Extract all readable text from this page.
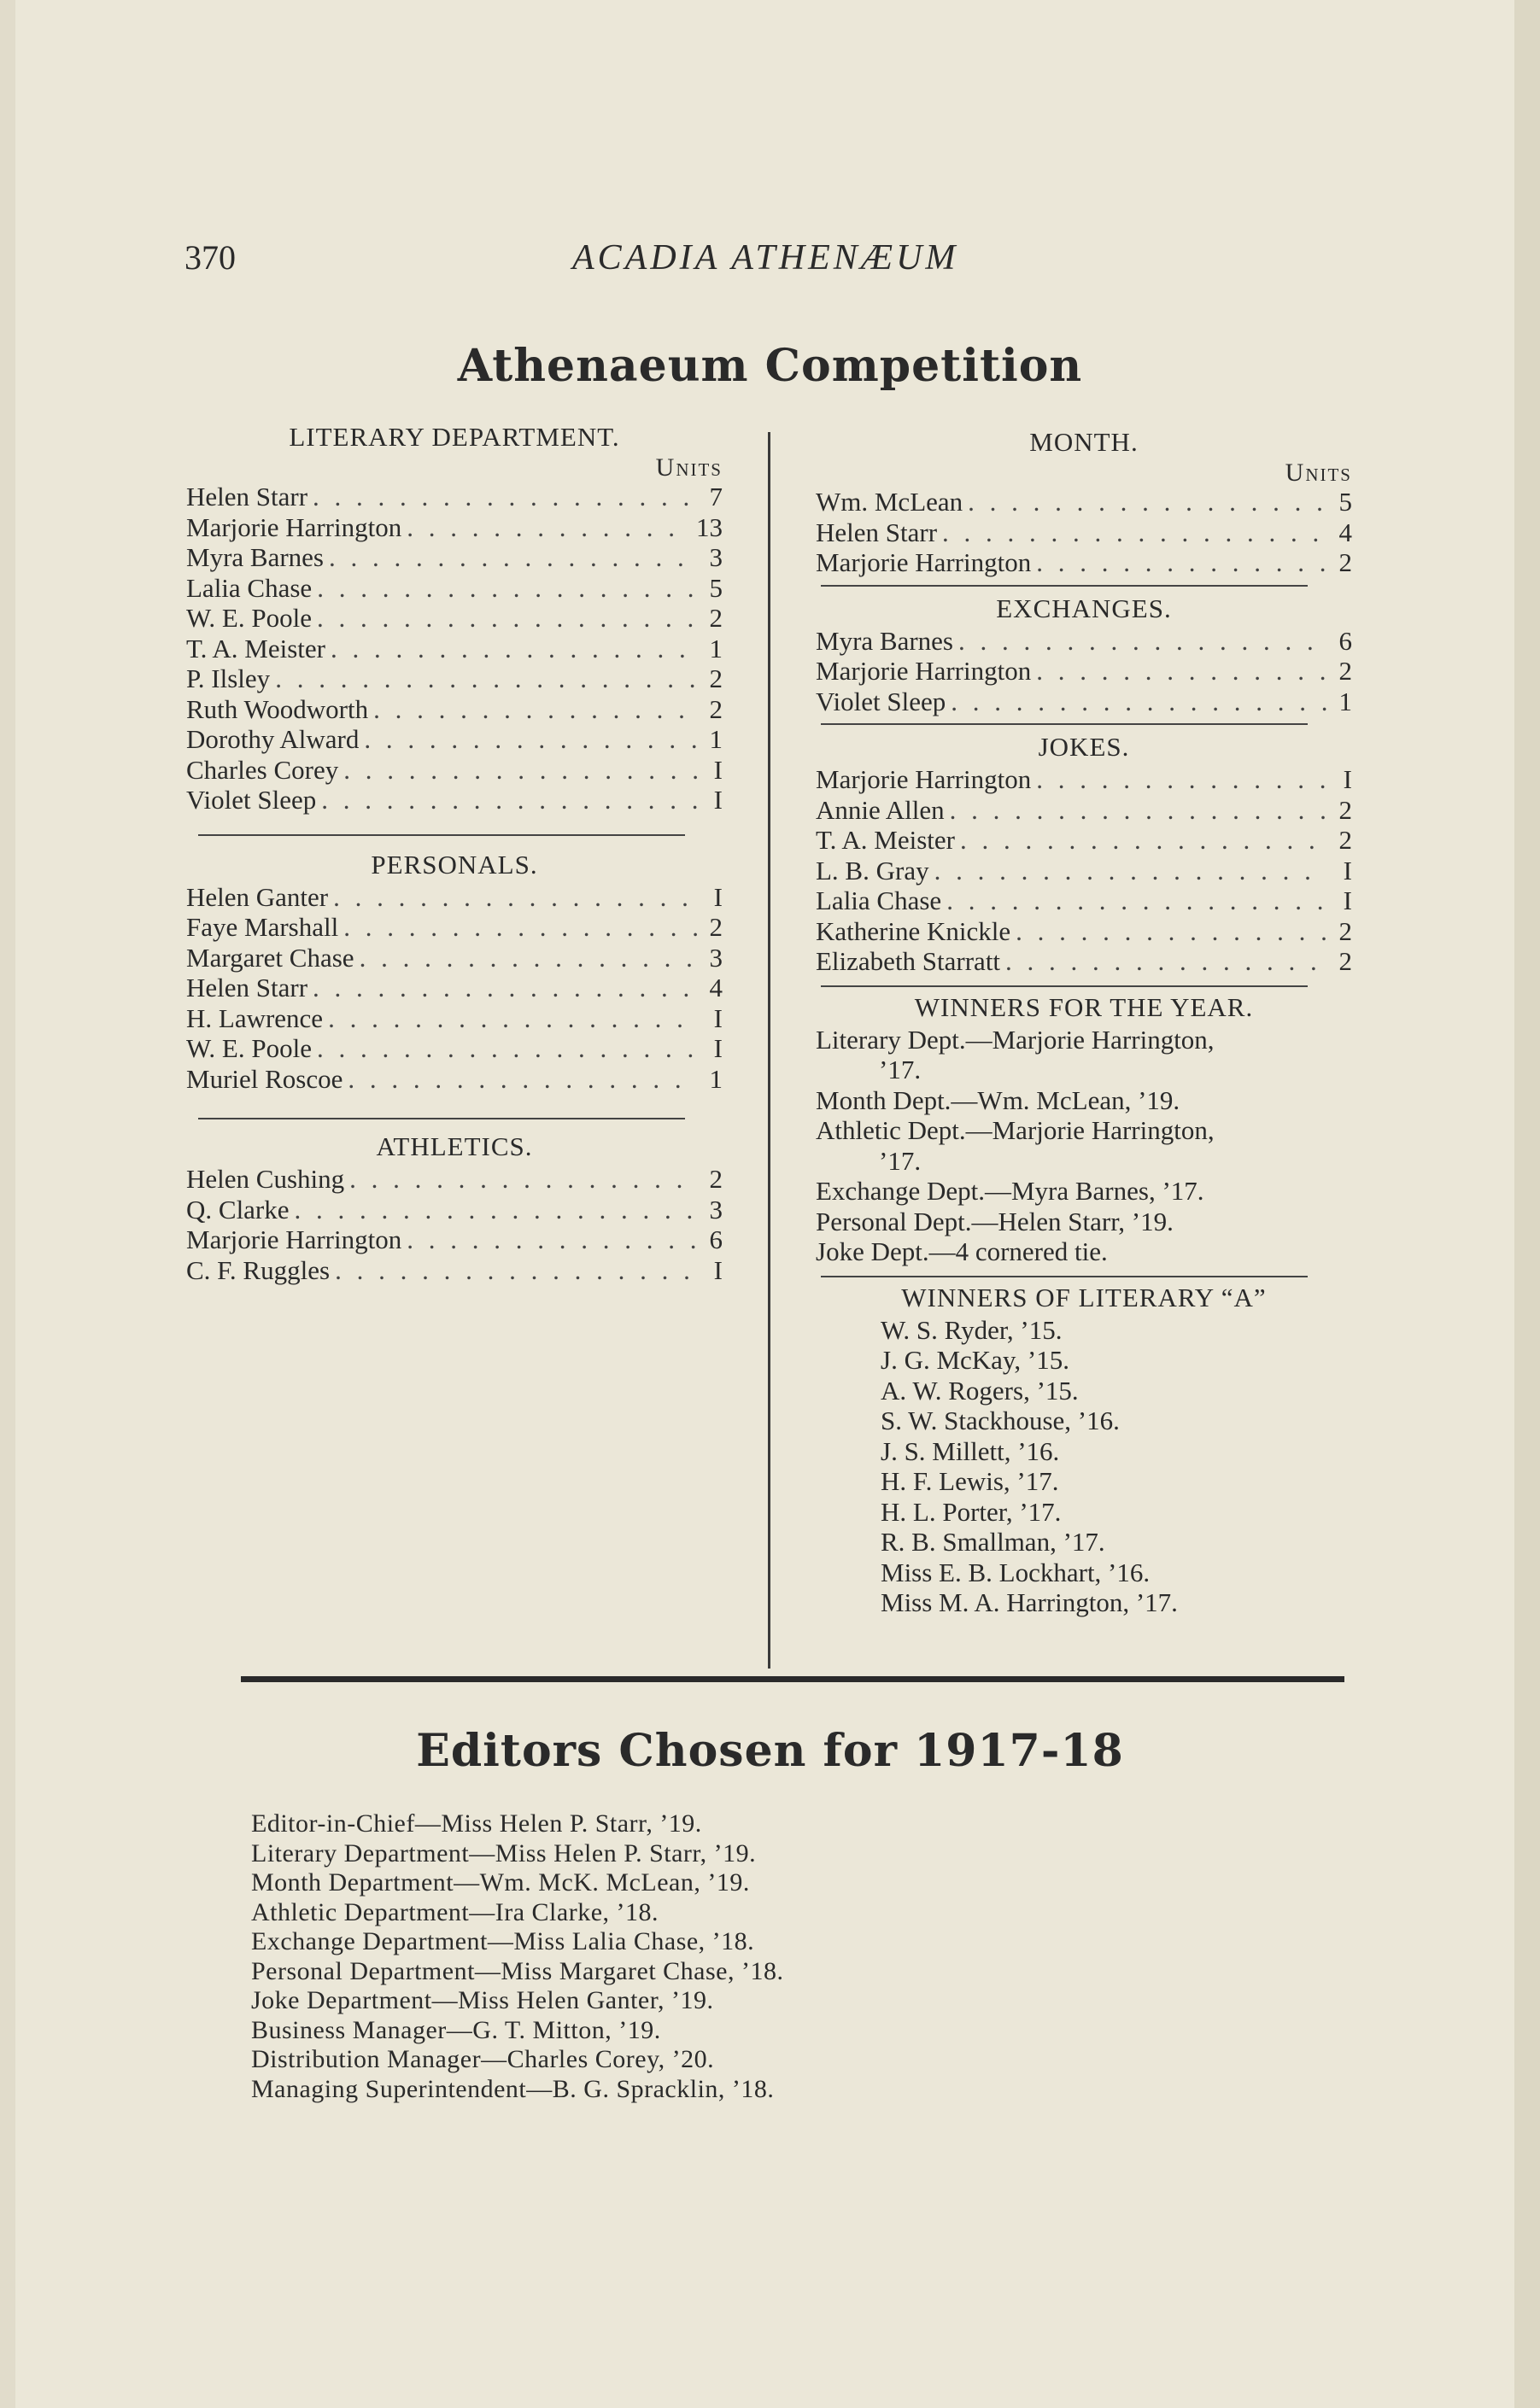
370	ACADIA ATHENÆUM
Athenaeum Competition
LITERARY DEPARTMENT.
Units
Helen Starr . . .	7
Marjorie Harrington . . .	13
Myra Barnes . . .	3
Lalia Chase . . .	5
W. E. Poole . . .	2
T. A. Meister . . .	1
P. Ilsley . . .	2
Ruth Woodworth . . .	2
Dorothy Alward . . .	1
Charles Corey . . .	I
Violet Sleep . . .	I
PERSONALS.
Helen Ganter . . .	I
Faye Marshall . . .	2
Margaret Chase . . .	3
Helen Starr . . .	4
H. Lawrence . . .	I
W. E. Poole . . .	I
Muriel Roscoe . . .	1
ATHLETICS.
Helen Cushing . . .	2
Q. Clarke . . .	3
Marjorie Harrington . . .	6
C. F. Ruggles . . .	I
MONTH.
Units
Wm. McLean . . .	5
Helen Starr . . .	4
Marjorie Harrington . . .	2
EXCHANGES.
Myra Barnes . . .	6
Marjorie Harrington . . .	2
Violet Sleep . . .	1
JOKES.
Marjorie Harrington . . .	I
Annie Allen . . .	2
T. A. Meister . . .	2
L. B. Gray . . .	I
Lalia Chase . . .	I
Katherine Knickle . . .	2
Elizabeth Starratt . . .	2
WINNERS FOR THE YEAR.
Literary Dept.—Marjorie Harrington,
’17.
Month Dept.—Wm. McLean, ’19.
Athletic Dept.—Marjorie Harrington,
’17.
Exchange Dept.—Myra Barnes, ’17.
Personal Dept.—Helen Starr, ’19.
Joke Dept.—4 cornered tie.
WINNERS OF LITERARY “A”
W. S. Ryder, ’15.
J. G. McKay, ’15.
A. W. Rogers, ’15.
S. W. Stackhouse, ’16.
J. S. Millett, ’16.
H. F. Lewis, ’17.
H. L. Porter, ’17.
R. B. Smallman, ’17.
Miss E. B. Lockhart, ’16.
Miss M. A. Harrington, ’17.
Editors Chosen for 1917-18
Editor-in-Chief—Miss Helen P. Starr, ’19.
Literary Department—Miss Helen P. Starr, ’19.
Month Department—Wm. McK. McLean, ’19.
Athletic Department—Ira Clarke, ’18.
Exchange Department—Miss Lalia Chase, ’18.
Personal Department—Miss Margaret Chase, ’18.
Joke Department—Miss Helen Ganter, ’19.
Business Manager—G. T. Mitton, ’19.
Distribution Manager—Charles Corey, ’20.
Managing Superintendent—B. G. Spracklin, ’18.
